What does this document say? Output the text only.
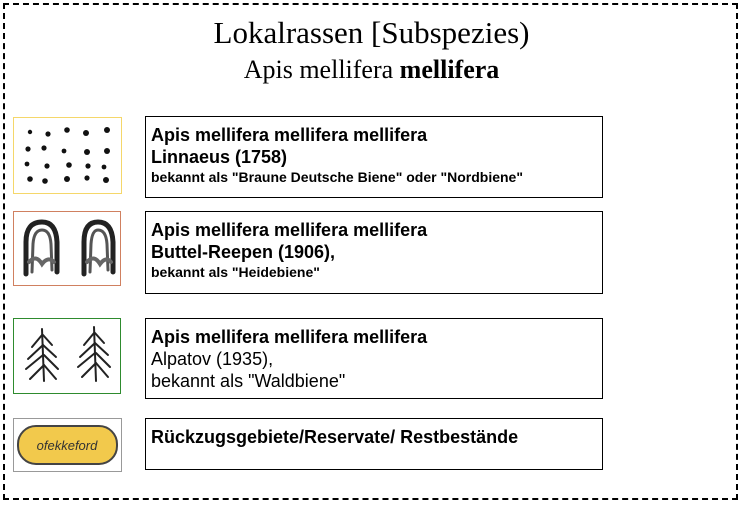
Lokalrassen [Subspezies)
Apis mellifera mellifera
ofekkeford
Apis mellifera mellifera mellifera
Linnaeus (1758)
bekannt als "Braune Deutsche Biene" oder "Nordbiene"
Apis mellifera mellifera mellifera
Buttel-Reepen (1906),
bekannt als "Heidebiene"
Apis mellifera mellifera mellifera
Alpatov (1935),
bekannt als "Waldbiene"
Rückzugsgebiete/Reservate/ Restbestände
